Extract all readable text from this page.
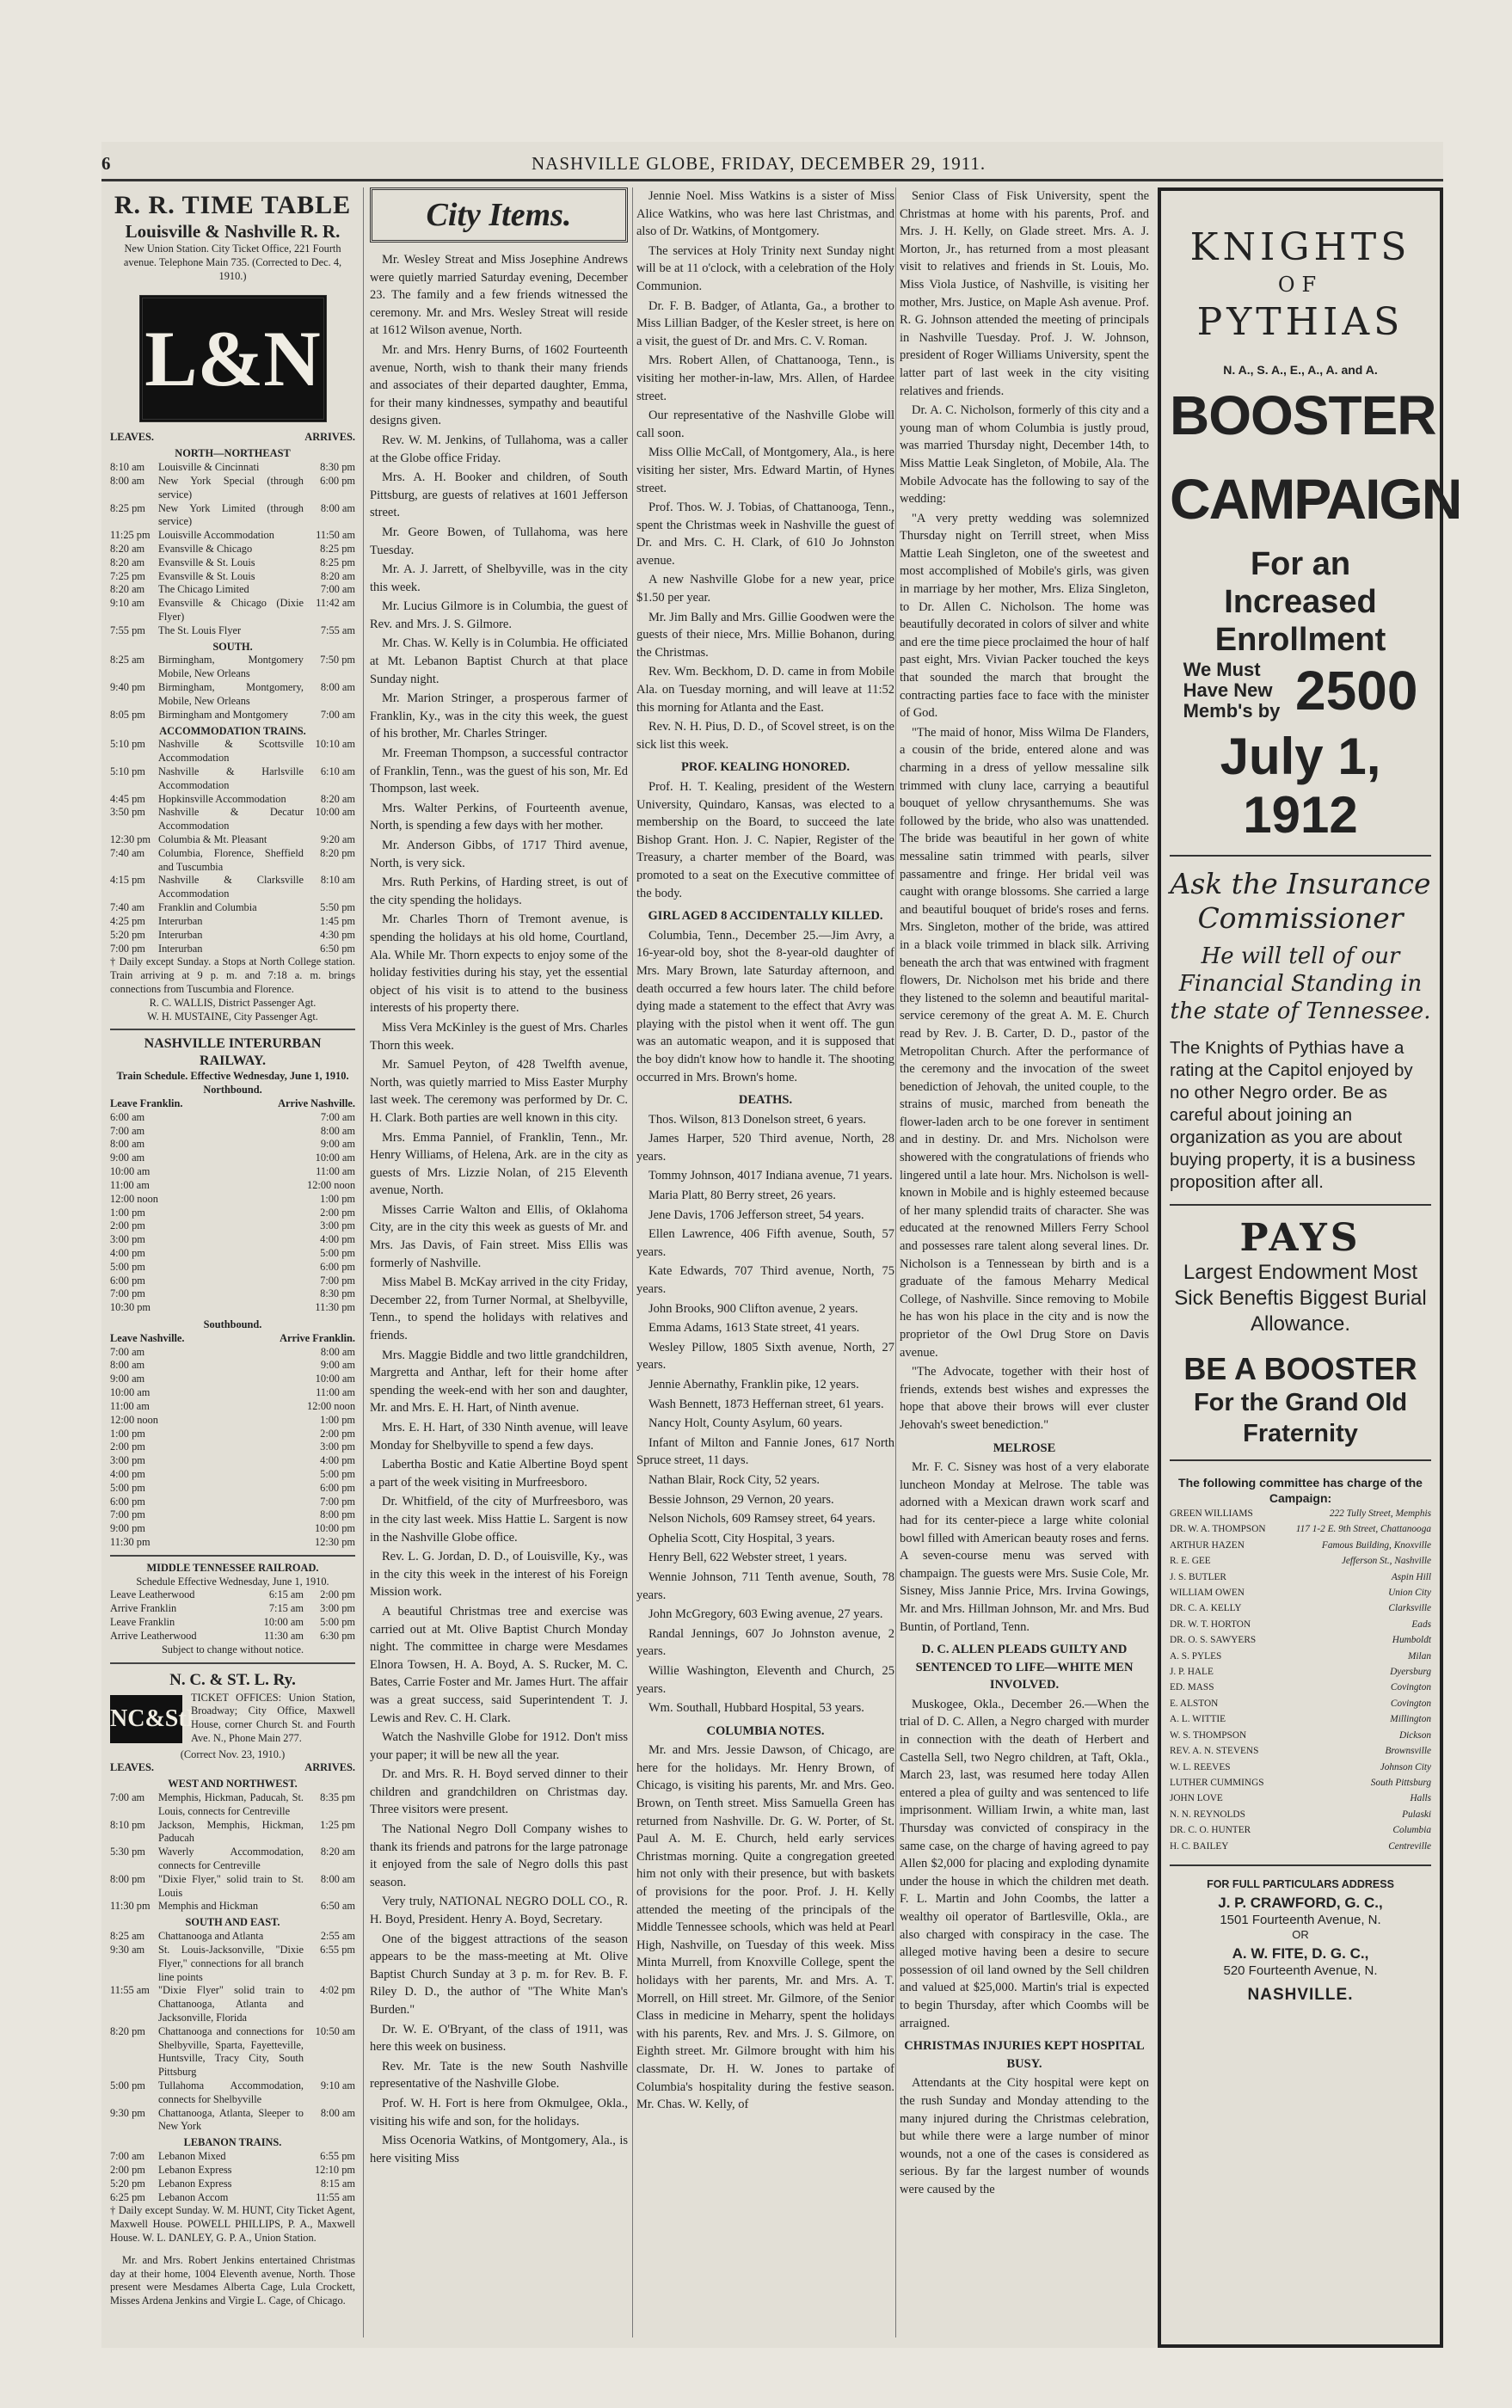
6	NASHVILLE GLOBE, FRIDAY, DECEMBER 29, 1911.
R. R. TIME TABLE
Louisville & Nashville R. R.
New Union Station. City Ticket Office, 221 Fourth avenue. Telephone Main 735. (Corrected to Dec. 4, 1910.)
L&N
LEAVES.		ARRIVES.
NORTH—NORTHEAST		
8:10 am	Louisville & Cincinnati	8:30 pm
8:00 am	New York Special (through service)	6:00 pm
8:25 pm	New York Limited (through service)	8:00 am
11:25 pm	Louisville Accommodation	11:50 am
8:20 am	Evansville & Chicago	8:25 pm
8:20 am	Evansville & St. Louis	8:25 pm
7:25 pm	Evansville & St. Louis	8:20 am
8:20 am	The Chicago Limited	7:00 am
9:10 am	Evansville & Chicago (Dixie Flyer)	11:42 am
7:55 pm	The St. Louis Flyer	7:55 am
SOUTH.		
8:25 am	Birmingham, Montgomery Mobile, New Orleans	7:50 pm
9:40 pm	Birmingham, Montgomery, Mobile, New Orleans	8:00 am
8:05 pm	Birmingham and Montgomery	7:00 am
ACCOMMODATION TRAINS.		
5:10 pm	Nashville & Scottsville Accommodation	10:10 am
5:10 pm	Nashville & Harlsville Accommodation	6:10 am
4:45 pm	Hopkinsville Accommodation	8:20 am
3:50 pm	Nashville & Decatur Accommodation	10:00 am
12:30 pm	Columbia & Mt. Pleasant	9:20 am
7:40 am	Columbia, Florence, Sheffield and Tuscumbia	8:20 pm
4:15 pm	Nashville & Clarksville Accommodation	8:10 am
7:40 am	Franklin and Columbia	5:50 pm
4:25 pm	Interurban	1:45 pm
5:20 pm	Interurban	4:30 pm
7:00 pm	Interurban	6:50 pm
† Daily except Sunday. a Stops at North College station. Train arriving at 9 p. m. and 7:18 a. m. brings connections from Tuscumbia and Florence.
R. C. WALLIS, District Passenger Agt.
W. H. MUSTAINE, City Passenger Agt.
NASHVILLE INTERURBAN RAILWAY.
Train Schedule. Effective Wednesday, June 1, 1910.
Northbound.
Leave Franklin.	Arrive Nashville.
6:00 am	7:00 am
7:00 am	8:00 am
8:00 am	9:00 am
9:00 am	10:00 am
10:00 am	11:00 am
11:00 am	12:00 noon
12:00 noon	1:00 pm
1:00 pm	2:00 pm
2:00 pm	3:00 pm
3:00 pm	4:00 pm
4:00 pm	5:00 pm
5:00 pm	6:00 pm
6:00 pm	7:00 pm
7:00 pm	8:30 pm
10:30 pm	11:30 pm
Southbound.
Leave Nashville.	Arrive Franklin.
7:00 am	8:00 am
8:00 am	9:00 am
9:00 am	10:00 am
10:00 am	11:00 am
11:00 am	12:00 noon
12:00 noon	1:00 pm
1:00 pm	2:00 pm
2:00 pm	3:00 pm
3:00 pm	4:00 pm
4:00 pm	5:00 pm
5:00 pm	6:00 pm
6:00 pm	7:00 pm
7:00 pm	8:00 pm
9:00 pm	10:00 pm
11:30 pm	12:30 pm
MIDDLE TENNESSEE RAILROAD.
Schedule Effective Wednesday, June 1, 1910.
Leave Leatherwood	6:15 am	2:00 pm
Arrive Franklin	7:15 am	3:00 pm
Leave Franklin	10:00 am	5:00 pm
Arrive Leatherwood	11:30 am	6:30 pm
Subject to change without notice.
N. C. & ST. L. Ry.
NC&StL
TICKET OFFICES: Union Station, Broadway; City Office, Maxwell House, corner Church St. and Fourth Ave. N., Phone Main 277.
(Correct Nov. 23, 1910.)
LEAVES.		ARRIVES.
WEST AND NORTHWEST.		
7:00 am	Memphis, Hickman, Paducah, St. Louis, connects for Centreville	8:35 pm
8:10 pm	Jackson, Memphis, Hickman, Paducah	1:25 pm
5:30 pm	Waverly Accommodation, connects for Centreville	8:20 am
8:00 pm	"Dixie Flyer," solid train to St. Louis	8:00 am
11:30 pm	Memphis and Hickman	6:50 am
SOUTH AND EAST.		
8:25 am	Chattanooga and Atlanta	2:55 am
9:30 am	St. Louis-Jacksonville, "Dixie Flyer," connections for all branch line points	6:55 pm
11:55 am	"Dixie Flyer" solid train to Chattanooga, Atlanta and Jacksonville, Florida	4:02 pm
8:20 pm	Chattanooga and connections for Shelbyville, Sparta, Fayetteville, Huntsville, Tracy City, South Pittsburg	10:50 am
5:00 pm	Tullahoma Accommodation, connects for Shelbyville	9:10 am
9:30 pm	Chattanooga, Atlanta, Sleeper to New York	8:00 am
LEBANON TRAINS.		
7:00 am	Lebanon Mixed	6:55 pm
2:00 pm	Lebanon Express	12:10 pm
5:20 pm	Lebanon Express	8:15 am
6:25 pm	Lebanon Accom	11:55 am
† Daily except Sunday. W. M. HUNT, City Ticket Agent, Maxwell House. POWELL PHILLIPS, P. A., Maxwell House. W. L. DANLEY, G. P. A., Union Station.

Mr. and Mrs. Robert Jenkins entertained Christmas day at their home, 1004 Eleventh avenue, North. Those present were Mesdames Alberta Cage, Lula Crockett, Misses Ardena Jenkins and Virgie L. Cage, of Chicago.

City Items.

Mr. Wesley Streat and Miss Josephine Andrews were quietly married Saturday evening, December 23. The family and a few friends witnessed the ceremony. Mr. and Mrs. Wesley Streat will reside at 1612 Wilson avenue, North.

Mr. and Mrs. Henry Burns, of 1602 Fourteenth avenue, North, wish to thank their many friends and associates of their departed daughter, Emma, for their many kindnesses, sympathy and beautiful designs given.

Rev. W. M. Jenkins, of Tullahoma, was a caller at the Globe office Friday.

Mrs. A. H. Booker and children, of South Pittsburg, are guests of relatives at 1601 Jefferson street.

Mr. Geore Bowen, of Tullahoma, was here Tuesday.

Mr. A. J. Jarrett, of Shelbyville, was in the city this week.

Mr. Lucius Gilmore is in Columbia, the guest of Rev. and Mrs. J. S. Gilmore.

Mr. Chas. W. Kelly is in Columbia. He officiated at Mt. Lebanon Baptist Church at that place Sunday night.

Mr. Marion Stringer, a prosperous farmer of Franklin, Ky., was in the city this week, the guest of his brother, Mr. Charles Stringer.

Mr. Freeman Thompson, a successful contractor of Franklin, Tenn., was the guest of his son, Mr. Ed Thompson, last week.

Mrs. Walter Perkins, of Fourteenth avenue, North, is spending a few days with her mother.

Mr. Anderson Gibbs, of 1717 Third avenue, North, is very sick.

Mrs. Ruth Perkins, of Harding street, is out of the city spending the holidays.

Mr. Charles Thorn of Tremont avenue, is spending the holidays at his old home, Courtland, Ala. While Mr. Thorn expects to enjoy some of the holiday festivities during his stay, yet the essential object of his visit is to attend to the business interests of his property there.

Miss Vera McKinley is the guest of Mrs. Charles Thorn this week.

Mr. Samuel Peyton, of 428 Twelfth avenue, North, was quietly married to Miss Easter Murphy last week. The ceremony was performed by Dr. C. H. Clark. Both parties are well known in this city.

Mrs. Emma Panniel, of Franklin, Tenn., Mr. Henry Williams, of Helena, Ark. are in the city as guests of Mrs. Lizzie Nolan, of 215 Eleventh avenue, North.

Misses Carrie Walton and Ellis, of Oklahoma City, are in the city this week as guests of Mr. and Mrs. Jas Davis, of Fain street. Miss Ellis was formerly of Nashville.

Miss Mabel B. McKay arrived in the city Friday, December 22, from Turner Normal, at Shelbyville, Tenn., to spend the holidays with relatives and friends.

Mrs. Maggie Biddle and two little grandchildren, Margretta and Anthar, left for their home after spending the week-end with her son and daughter, Mr. and Mrs. E. H. Hart, of Ninth avenue.

Mrs. E. H. Hart, of 330 Ninth avenue, will leave Monday for Shelbyville to spend a few days.

Labertha Bostic and Katie Albertine Boyd spent a part of the week visiting in Murfreesboro.

Dr. Whitfield, of the city of Murfreesboro, was in the city last week. Miss Hattie L. Sargent is now in the Nashville Globe office.

Rev. L. G. Jordan, D. D., of Louisville, Ky., was in the city this week in the interest of his Foreign Mission work.

A beautiful Christmas tree and exercise was carried out at Mt. Olive Baptist Church Monday night. The committee in charge were Mesdames Elnora Towsen, H. A. Boyd, A. S. Rucker, M. C. Bates, Carrie Foster and Mr. James Hurt. The affair was a great success, said Superintendent T. J. Lewis and Rev. C. H. Clark.

Watch the Nashville Globe for 1912. Don't miss your paper; it will be new all the year.

Dr. and Mrs. R. H. Boyd served dinner to their children and grandchildren on Christmas day. Three visitors were present.

The National Negro Doll Company wishes to thank its friends and patrons for the large patronage it enjoyed from the sale of Negro dolls this past season.

Very truly, NATIONAL NEGRO DOLL CO., R. H. Boyd, President. Henry A. Boyd, Secretary.

One of the biggest attractions of the season appears to be the mass-meeting at Mt. Olive Baptist Church Sunday at 3 p. m. for Rev. B. F. Riley D. D., the author of "The White Man's Burden."

Dr. W. E. O'Bryant, of the class of 1911, was here this week on business.

Rev. Mr. Tate is the new South Nashville representative of the Nashville Globe.

Prof. W. H. Fort is here from Okmulgee, Okla., visiting his wife and son, for the holidays.

Miss Ocenoria Watkins, of Montgomery, Ala., is here visiting Miss

Jennie Noel. Miss Watkins is a sister of Miss Alice Watkins, who was here last Christmas, and also of Dr. Watkins, of Montgomery.

The services at Holy Trinity next Sunday night will be at 11 o'clock, with a celebration of the Holy Communion.

Dr. F. B. Badger, of Atlanta, Ga., a brother to Miss Lillian Badger, of the Kesler street, is here on a visit, the guest of Dr. and Mrs. C. V. Roman.

Mrs. Robert Allen, of Chattanooga, Tenn., is visiting her mother-in-law, Mrs. Allen, of Hardee street.

Our representative of the Nashville Globe will call soon.

Miss Ollie McCall, of Montgomery, Ala., is here visiting her sister, Mrs. Edward Martin, of Hynes street.

Prof. Thos. W. J. Tobias, of Chattanooga, Tenn., spent the Christmas week in Nashville the guest of Dr. and Mrs. C. H. Clark, of 610 Jo Johnston avenue.

A new Nashville Globe for a new year, price $1.50 per year.

Mr. Jim Bally and Mrs. Gillie Goodwen were the guests of their niece, Mrs. Millie Bohanon, during the Christmas.

Rev. Wm. Beckhom, D. D. came in from Mobile Ala. on Tuesday morning, and will leave at 11:52 this morning for Atlanta and the East.

Rev. N. H. Pius, D. D., of Scovel street, is on the sick list this week.

PROF. KEALING HONORED.

Prof. H. T. Kealing, president of the Western University, Quindaro, Kansas, was elected to a membership on the Board, to succeed the late Bishop Grant. Hon. J. C. Napier, Register of the Treasury, a charter member of the Board, was promoted to a seat on the Executive committee of the body.

GIRL AGED 8 ACCIDENTALLY KILLED.

Columbia, Tenn., December 25.—Jim Avry, a 16-year-old boy, shot the 8-year-old daughter of Mrs. Mary Brown, late Saturday afternoon, and death occurred a few hours later. The child before dying made a statement to the effect that Avry was playing with the pistol when it went off. The gun was an automatic weapon, and it is supposed that the boy didn't know how to handle it. The shooting occurred in Mrs. Brown's home.

DEATHS.

Thos. Wilson, 813 Donelson street, 6 years.

James Harper, 520 Third avenue, North, 28 years.

Tommy Johnson, 4017 Indiana avenue, 71 years.

Maria Platt, 80 Berry street, 26 years.

Jene Davis, 1706 Jefferson street, 54 years.

Ellen Lawrence, 406 Fifth avenue, South, 57 years.

Kate Edwards, 707 Third avenue, North, 75 years.

John Brooks, 900 Clifton avenue, 2 years.

Emma Adams, 1613 State street, 41 years.

Wesley Pillow, 1805 Sixth avenue, North, 27 years.

Jennie Abernathy, Franklin pike, 12 years.

Wash Bennett, 1873 Heffernan street, 61 years.

Nancy Holt, County Asylum, 60 years.

Infant of Milton and Fannie Jones, 617 North Spruce street, 11 days.

Nathan Blair, Rock City, 52 years.

Bessie Johnson, 29 Vernon, 20 years.

Nelson Nichols, 609 Ramsey street, 64 years.

Ophelia Scott, City Hospital, 3 years.

Henry Bell, 622 Webster street, 1 years.

Wennie Johnson, 711 Tenth avenue, South, 78 years.

John McGregory, 603 Ewing avenue, 27 years.

Randal Jennings, 607 Jo Johnston avenue, 2 years.

Willie Washington, Eleventh and Church, 25 years.

Wm. Southall, Hubbard Hospital, 53 years.

COLUMBIA NOTES.

Mr. and Mrs. Jessie Dawson, of Chicago, are here for the holidays. Mr. Henry Brown, of Chicago, is visiting his parents, Mr. and Mrs. Geo. Brown, on Tenth street. Miss Samuella Green has returned from Nashville. Dr. G. W. Porter, of St. Paul A. M. E. Church, held early services Christmas morning. Quite a congregation greeted him not only with their presence, but with baskets of provisions for the poor. Prof. J. H. Kelly attended the meeting of the principals of the Middle Tennessee schools, which was held at Pearl High, Nashville, on Tuesday of this week. Miss Minta Murrell, from Knoxville College, spent the holidays with her parents, Mr. and Mrs. A. T. Morrell, on Hill street. Mr. Gilmore, of the Senior Class in medicine in Meharry, spent the holidays with his parents, Rev. and Mrs. J. S. Gilmore, on Eighth street. Mr. Gilmore brought with him his classmate, Dr. H. W. Jones to partake of Columbia's hospitality during the festive season. Mr. Chas. W. Kelly, of

Senior Class of Fisk University, spent the Christmas at home with his parents, Prof. and Mrs. J. H. Kelly, on Glade street. Mrs. A. J. Morton, Jr., has returned from a most pleasant visit to relatives and friends in St. Louis, Mo. Miss Viola Justice, of Nashville, is visiting her mother, Mrs. Justice, on Maple Ash avenue. Prof. R. G. Johnson attended the meeting of principals in Nashville Tuesday. Prof. J. W. Johnson, president of Roger Williams University, spent the latter part of last week in the city visiting relatives and friends.

Dr. A. C. Nicholson, formerly of this city and a young man of whom Columbia is justly proud, was married Thursday night, December 14th, to Miss Mattie Leak Singleton, of Mobile, Ala. The Mobile Advocate has the following to say of the wedding:

"A very pretty wedding was solemnized Thursday night on Terrill street, when Miss Mattie Leah Singleton, one of the sweetest and most accomplished of Mobile's girls, was given in marriage by her mother, Mrs. Eliza Singleton, to Dr. Allen C. Nicholson. The home was beautifully decorated in colors of silver and white and ere the time piece proclaimed the hour of half past eight, Mrs. Vivian Packer touched the keys that sounded the march that brought the contracting parties face to face with the minister of God.

"The maid of honor, Miss Wilma De Flanders, a cousin of the bride, entered alone and was charming in a dress of yellow messaline silk trimmed with cluny lace, carrying a beautiful bouquet of yellow chrysanthemums. She was followed by the bride, who also was unattended. The bride was beautiful in her gown of white messaline satin trimmed with pearls, silver passamentre and fringe. Her bridal veil was caught with orange blossoms. She carried a large and beautiful bouquet of bride's roses and ferns. Mrs. Singleton, mother of the bride, was attired in a black voile trimmed in black silk. Arriving beneath the arch that was entwined with fragment flowers, Dr. Nicholson met his bride and there they listened to the solemn and beautiful marital-service ceremony of the great A. M. E. Church read by Rev. J. B. Carter, D. D., pastor of the Metropolitan Church. After the performance of the ceremony and the invocation of the sweet benediction of Jehovah, the united couple, to the strains of music, marched from beneath the flower-laden arch to be one forever in sentiment and in destiny. Dr. and Mrs. Nicholson were showered with the congratulations of friends who lingered until a late hour. Mrs. Nicholson is well-known in Mobile and is highly esteemed because of her many splendid traits of character. She was educated at the renowned Millers Ferry School and possesses rare talent along several lines. Dr. Nicholson is a Tennessean by birth and is a graduate of the famous Meharry Medical College, of Nashville. Since removing to Mobile he has won his place in the city and is now the proprietor of the Owl Drug Store on Davis avenue.

"The Advocate, together with their host of friends, extends best wishes and expresses the hope that above their brows will ever cluster Jehovah's sweet benediction."

MELROSE

Mr. F. C. Sisney was host of a very elaborate luncheon Monday at Melrose. The table was adorned with a Mexican drawn work scarf and had for its center-piece a large white colonial bowl filled with American beauty roses and ferns. A seven-course menu was served with champaign. The guests were Mrs. Susie Cole, Mr. Sisney, Miss Jannie Price, Mrs. Irvina Gowings, Mr. and Mrs. Hillman Johnson, Mr. and Mrs. Bud Buntin, of Portland, Tenn.

D. C. ALLEN PLEADS GUILTY AND SENTENCED TO LIFE—WHITE MEN INVOLVED.

Muskogee, Okla., December 26.—When the trial of D. C. Allen, a Negro charged with murder in connection with the death of Herbert and Castella Sell, two Negro children, at Taft, Okla., March 23, last, was resumed here today Allen entered a plea of guilty and was sentenced to life imprisonment. William Irwin, a white man, last Thursday was convicted of conspiracy in the same case, on the charge of having agreed to pay Allen $2,000 for placing and exploding dynamite under the house in which the children met death. F. L. Martin and John Coombs, the latter a wealthy oil operator of Bartlesville, Okla., are also charged with conspiracy in the case. The alleged motive having been a desire to secure possession of oil land owned by the Sell children and valued at $25,000. Martin's trial is expected to begin Thursday, after which Coombs will be arraigned.

CHRISTMAS INJURIES KEPT HOSPITAL BUSY.

Attendants at the City hospital were kept on the rush Sunday and Monday attending to the many injured during the Christmas celebration, but while there were a large number of minor wounds, not a one of the cases is considered as serious. By far the largest number of wounds were caused by the

KNIGHTS
OF
PYTHIAS
N. A., S. A., E., A., A. and A.
BOOSTER
CAMPAIGN
For an Increased Enrollment
We Must Have New Memb's by 2500
July 1, 1912
Ask the Insurance Commissioner
He will tell of our Financial Standing in the state of Tennessee.
The Knights of Pythias have a rating at the Capitol enjoyed by no other Negro order. Be as careful about joining an organization as you are about buying property, it is a business proposition after all.
PAYS
Largest Endowment Most Sick Beneftis Biggest Burial Allowance.
BE A BOOSTER
For the Grand Old Fraternity
The following committee has charge of the Campaign:
GREEN WILLIAMS	222 Tully Street, Memphis
DR. W. A. THOMPSON	117 1-2 E. 9th Street, Chattanooga
ARTHUR HAZEN	Famous Building, Knoxville
R. E. GEE	Jefferson St., Nashville
J. S. BUTLER	Aspin Hill
WILLIAM OWEN	Union City
DR. C. A. KELLY	Clarksville
DR. W. T. HORTON	Eads
DR. O. S. SAWYERS	Humboldt
A. S. PYLES	Milan
J. P. HALE	Dyersburg
ED. MASS	Covington
E. ALSTON	Covington
A. L. WITTIE	Millington
W. S. THOMPSON	Dickson
REV. A. N. STEVENS	Brownsville
W. L. REEVES	Johnson City
LUTHER CUMMINGS	South Pittsburg
JOHN LOVE	Halls
N. N. REYNOLDS	Pulaski
DR. C. O. HUNTER	Columbia
H. C. BAILEY	Centreville
FOR FULL PARTICULARS ADDRESS
J. P. CRAWFORD, G. C.,
1501 Fourteenth Avenue, N.
OR
A. W. FITE, D. G. C.,
520 Fourteenth Avenue, N.
NASHVILLE.
